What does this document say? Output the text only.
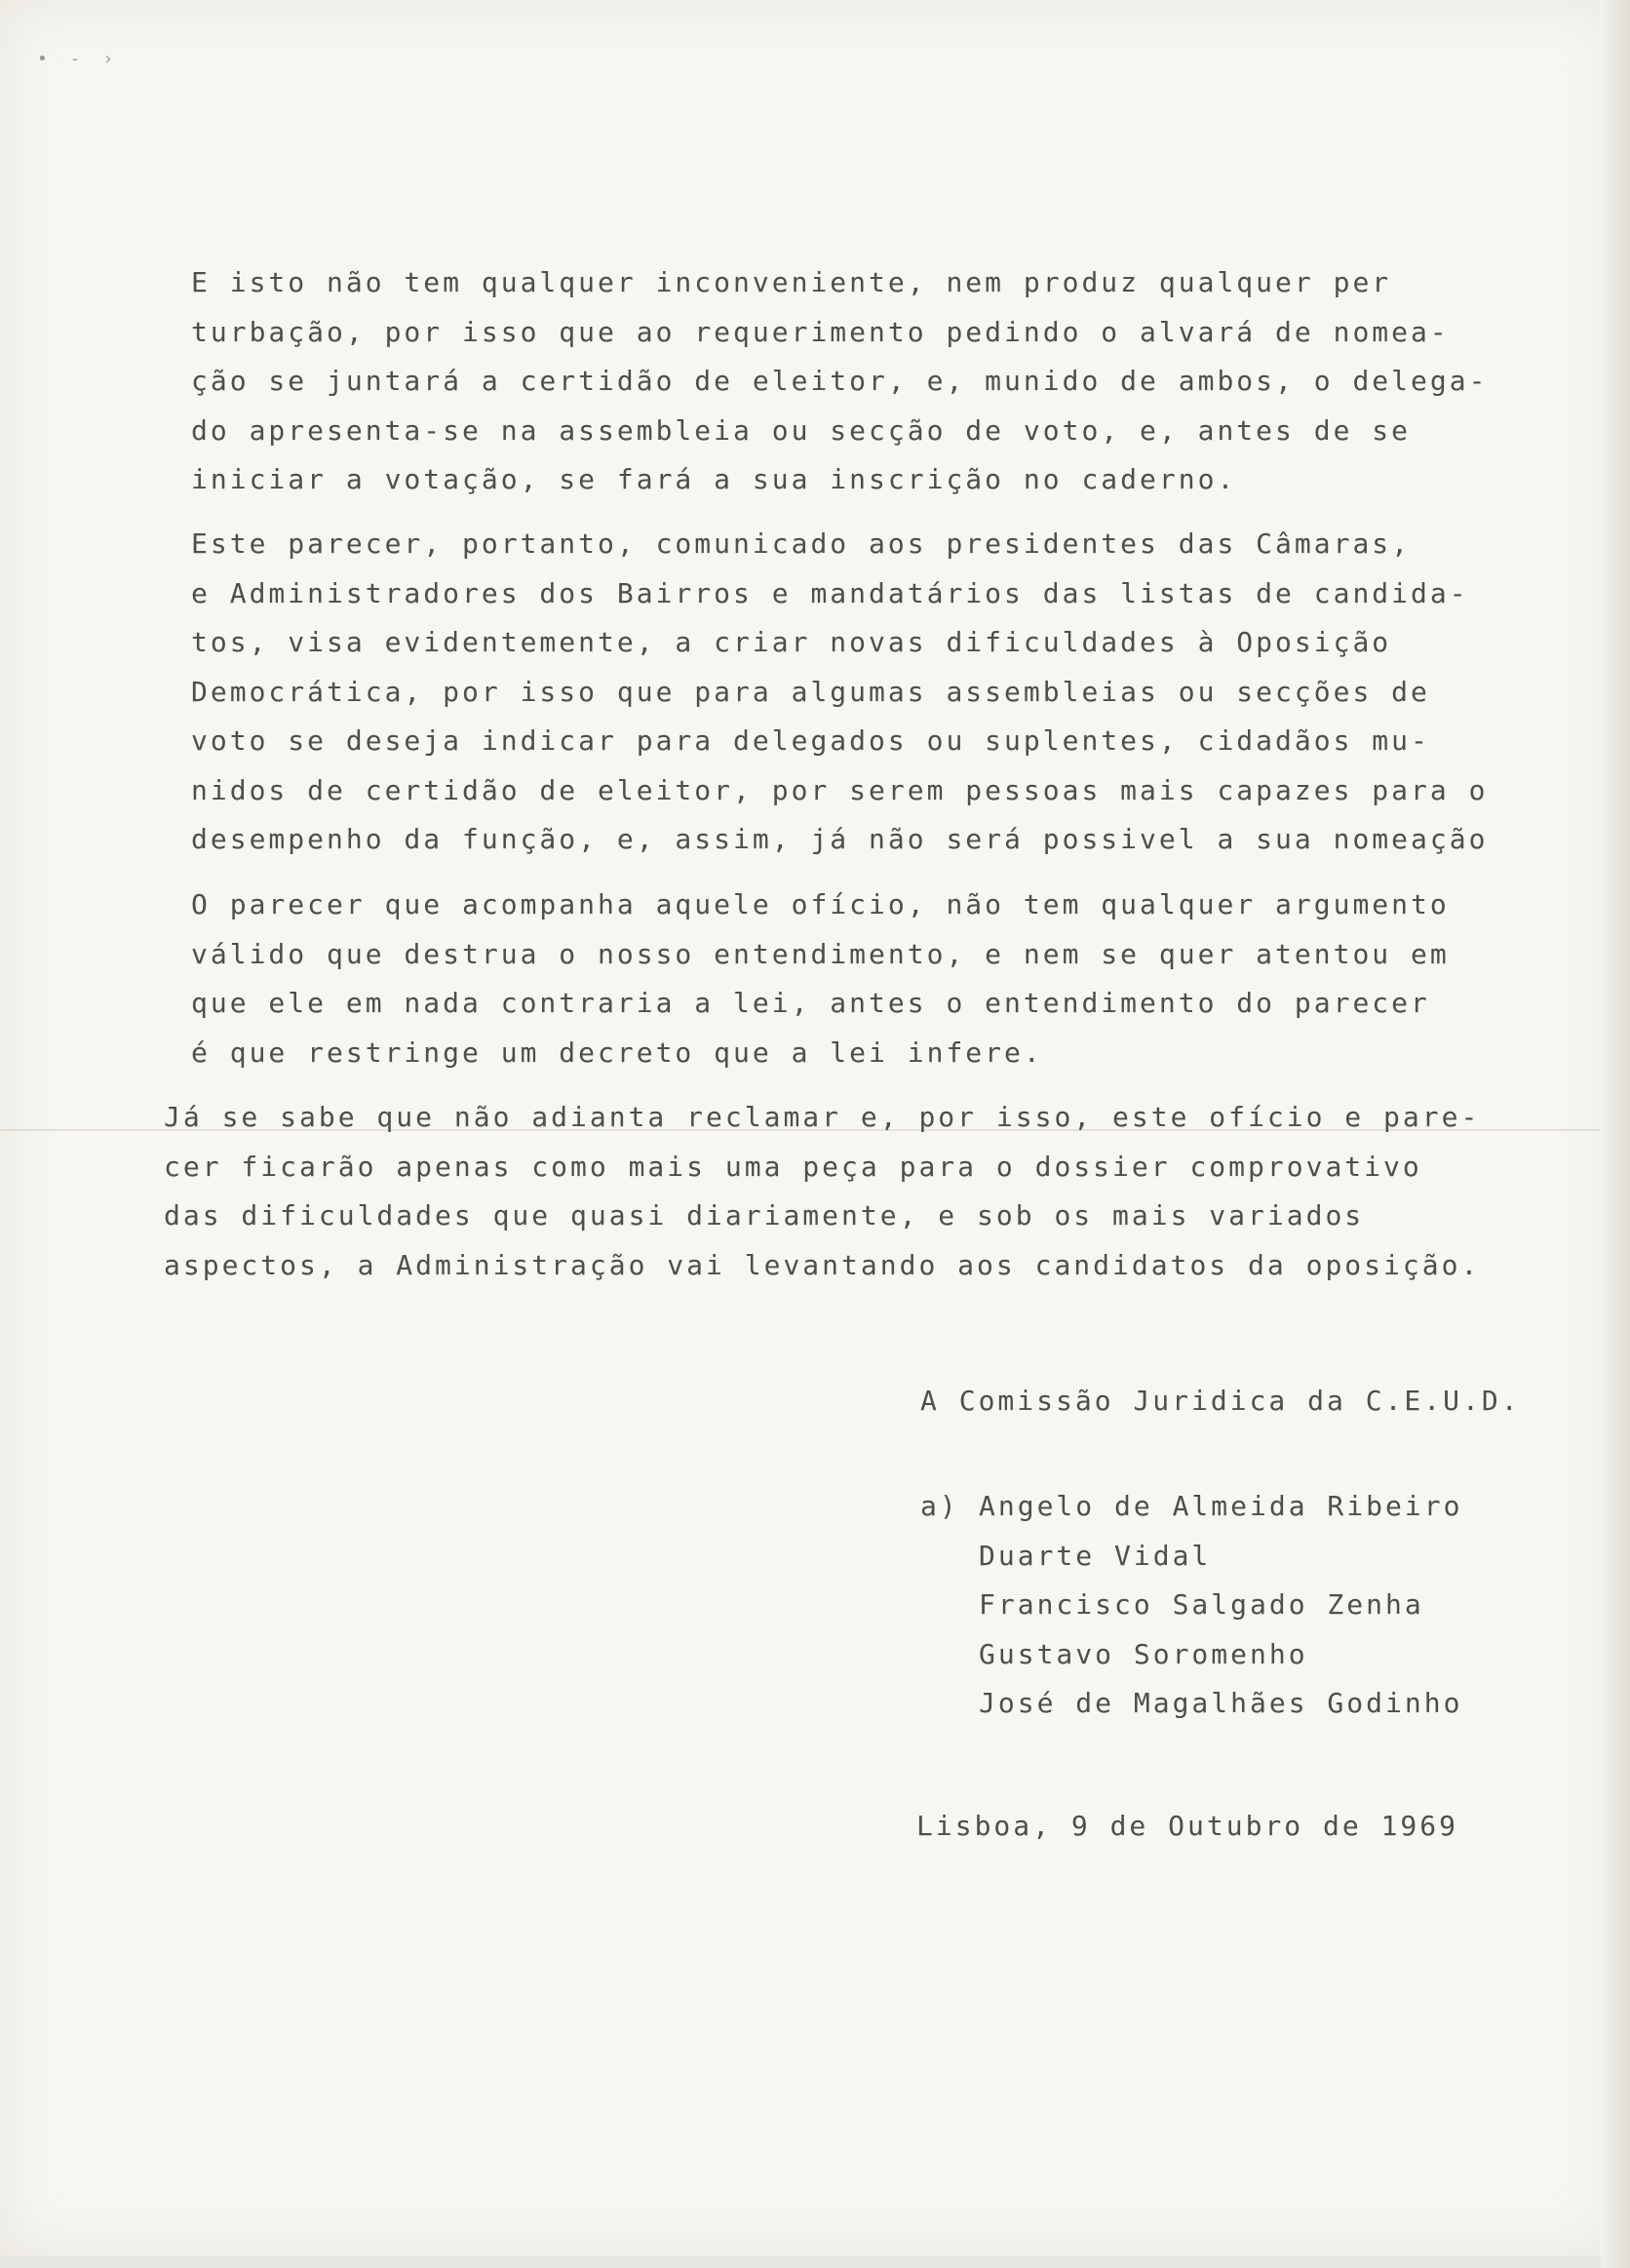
• - ›
E isto não tem qualquer inconveniente, nem produz qualquer per
turbação, por isso que ao requerimento pedindo o alvará de nomea-
ção se juntará a certidão de eleitor, e, munido de ambos, o delega-
do apresenta-se na assembleia ou secção de voto, e, antes de se
iniciar a votação, se fará a sua inscrição no caderno.
Este parecer, portanto, comunicado aos presidentes das Câmaras,
e Administradores dos Bairros e mandatários das listas de candida-
tos, visa evidentemente, a criar novas dificuldades à Oposição
Democrática, por isso que para algumas assembleias ou secções de
voto se deseja indicar para delegados ou suplentes, cidadãos mu-
nidos de certidão de eleitor, por serem pessoas mais capazes para o
desempenho da função, e, assim, já não será possivel a sua nomeação
O parecer que acompanha aquele ofício, não tem qualquer argumento
válido que destrua o nosso entendimento, e nem se quer atentou em
que ele em nada contraria a lei, antes o entendimento do parecer
é que restringe um decreto que a lei infere.
Já se sabe que não adianta reclamar e, por isso, este ofício e pare-
cer ficarão apenas como mais uma peça para o dossier comprovativo
das dificuldades que quasi diariamente, e sob os mais variados
aspectos, a Administração vai levantando aos candidatos da oposição.
A Comissão Juridica da C.E.U.D.
a) Angelo de Almeida Ribeiro
Duarte Vidal
Francisco Salgado Zenha
Gustavo Soromenho
José de Magalhães Godinho
Lisboa, 9 de Outubro de 1969
